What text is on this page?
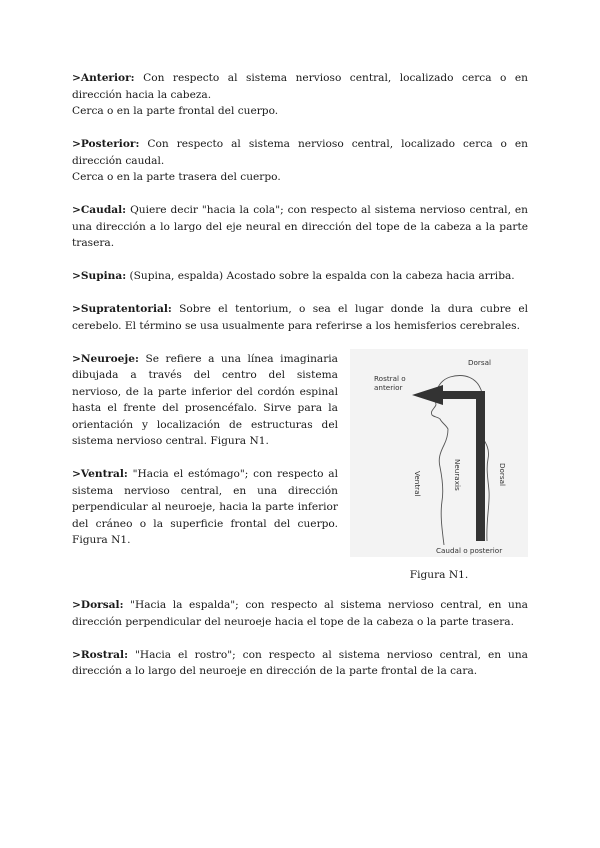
>Anterior: Con respecto al sistema nervioso central, localizado cerca o en dirección hacia la cabeza.

Cerca o en la parte frontal del cuerpo.

>Posterior: Con respecto al sistema nervioso central, localizado cerca o en dirección caudal.

Cerca o en la parte trasera del cuerpo.

>Caudal: Quiere decir "hacia la cola"; con respecto al sistema nervioso central, en una dirección a lo largo del eje neural en dirección del tope de la cabeza a la parte trasera.

>Supina: (Supina, espalda) Acostado sobre la espalda con la cabeza hacia arriba.

>Supratentorial: Sobre el tentorium, o sea el lugar donde la dura cubre el cerebelo. El término se usa usualmente para referirse a los hemisferios cerebrales.

>Neuroeje: Se refiere a una línea imaginaria dibujada a través del centro del sistema nervioso, de la parte inferior del cordón espinal hasta el frente del prosencéfalo. Sirve para la orientación y localización de estructuras del sistema nervioso central. Figura N1.

>Ventral: "Hacia el estómago"; con respecto al sistema nervioso central, en una dirección perpendicular al neuroeje, hacia la parte inferior del cráneo o la superficie frontal del cuerpo. Figura N1.

Dorsal
Rostral o
anterior
Ventral	Neuraxis	Dorsal
Caudal o posterior
Figura N1.

>Dorsal: "Hacia la espalda"; con respecto al sistema nervioso central, en una dirección perpendicular del neuroeje hacia el tope de la cabeza o la parte trasera.

>Rostral: "Hacia el rostro"; con respecto al sistema nervioso central, en una dirección a lo largo del neuroeje en dirección de la parte frontal de la cara.
